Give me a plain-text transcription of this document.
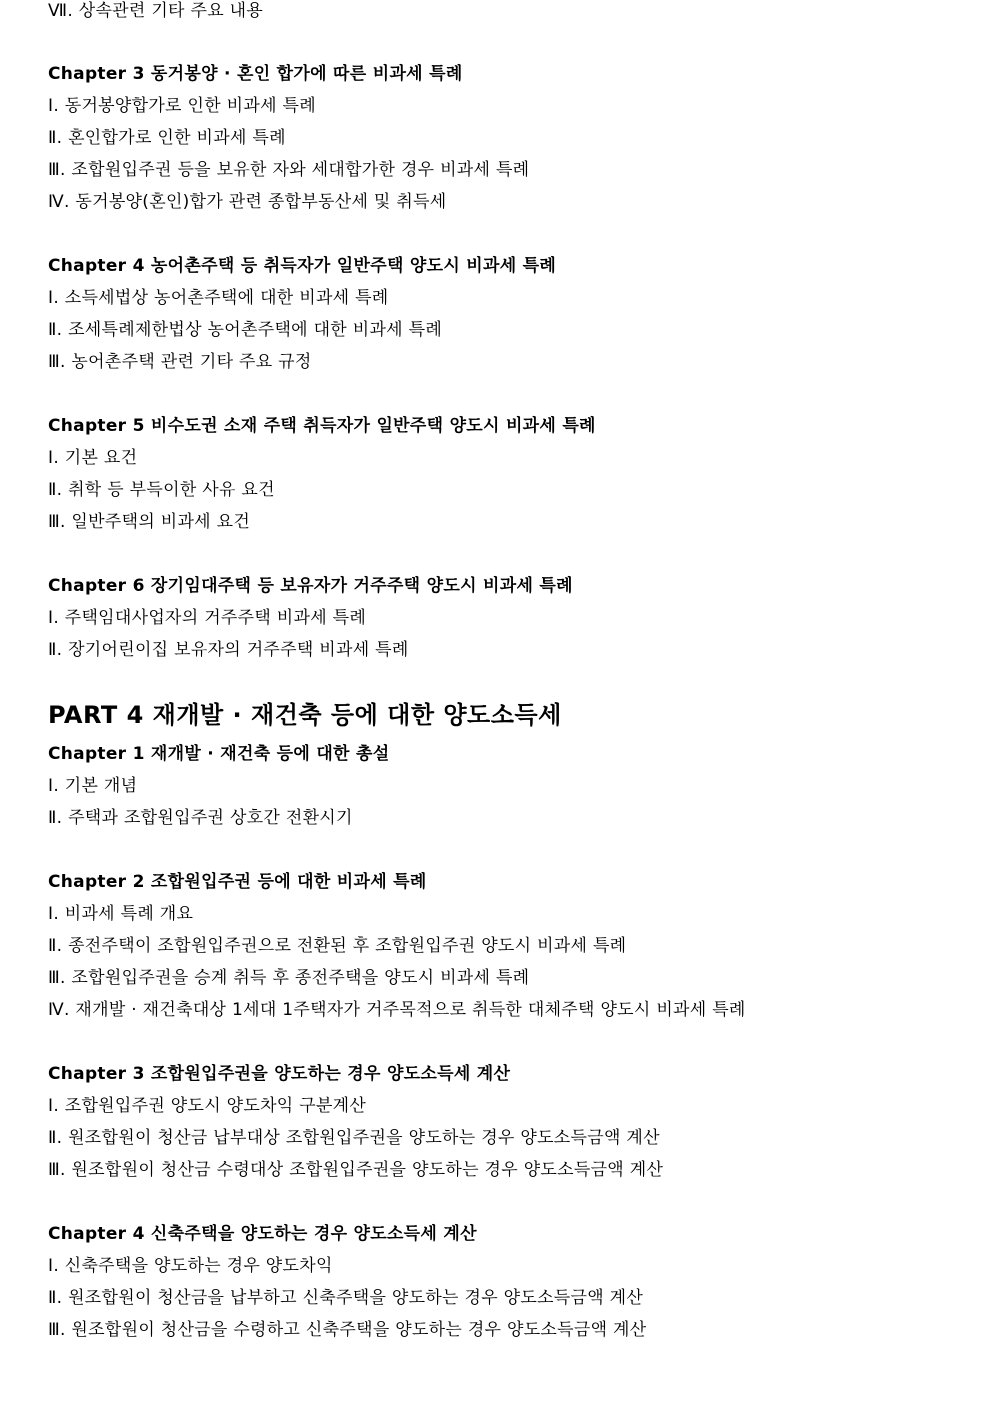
Ⅶ. 상속관련 기타 주요 내용
Chapter 3 동거봉양 · 혼인 합가에 따른 비과세 특례
Ⅰ. 동거봉양합가로 인한 비과세 특례
Ⅱ. 혼인합가로 인한 비과세 특례
Ⅲ. 조합원입주권 등을 보유한 자와 세대합가한 경우 비과세 특례
Ⅳ. 동거봉양(혼인)합가 관련 종합부동산세 및 취득세
Chapter 4 농어촌주택 등 취득자가 일반주택 양도시 비과세 특례
Ⅰ. 소득세법상 농어촌주택에 대한 비과세 특례
Ⅱ. 조세특례제한법상 농어촌주택에 대한 비과세 특례
Ⅲ. 농어촌주택 관련 기타 주요 규정
Chapter 5 비수도권 소재 주택 취득자가 일반주택 양도시 비과세 특례
Ⅰ. 기본 요건
Ⅱ. 취학 등 부득이한 사유 요건
Ⅲ. 일반주택의 비과세 요건
Chapter 6 장기임대주택 등 보유자가 거주주택 양도시 비과세 특례
Ⅰ. 주택임대사업자의 거주주택 비과세 특례
Ⅱ. 장기어린이집 보유자의 거주주택 비과세 특례
PART 4 재개발 · 재건축 등에 대한 양도소득세
Chapter 1 재개발 · 재건축 등에 대한 총설
Ⅰ. 기본 개념
Ⅱ. 주택과 조합원입주권 상호간 전환시기
Chapter 2 조합원입주권 등에 대한 비과세 특례
Ⅰ. 비과세 특례 개요
Ⅱ. 종전주택이 조합원입주권으로 전환된 후 조합원입주권 양도시 비과세 특례
Ⅲ. 조합원입주권을 승계 취득 후 종전주택을 양도시 비과세 특례
Ⅳ. 재개발 · 재건축대상 1세대 1주택자가 거주목적으로 취득한 대체주택 양도시 비과세 특례
Chapter 3 조합원입주권을 양도하는 경우 양도소득세 계산
Ⅰ. 조합원입주권 양도시 양도차익 구분계산
Ⅱ. 원조합원이 청산금 납부대상 조합원입주권을 양도하는 경우 양도소득금액 계산
Ⅲ. 원조합원이 청산금 수령대상 조합원입주권을 양도하는 경우 양도소득금액 계산
Chapter 4 신축주택을 양도하는 경우 양도소득세 계산
Ⅰ. 신축주택을 양도하는 경우 양도차익
Ⅱ. 원조합원이 청산금을 납부하고 신축주택을 양도하는 경우 양도소득금액 계산
Ⅲ. 원조합원이 청산금을 수령하고 신축주택을 양도하는 경우 양도소득금액 계산
